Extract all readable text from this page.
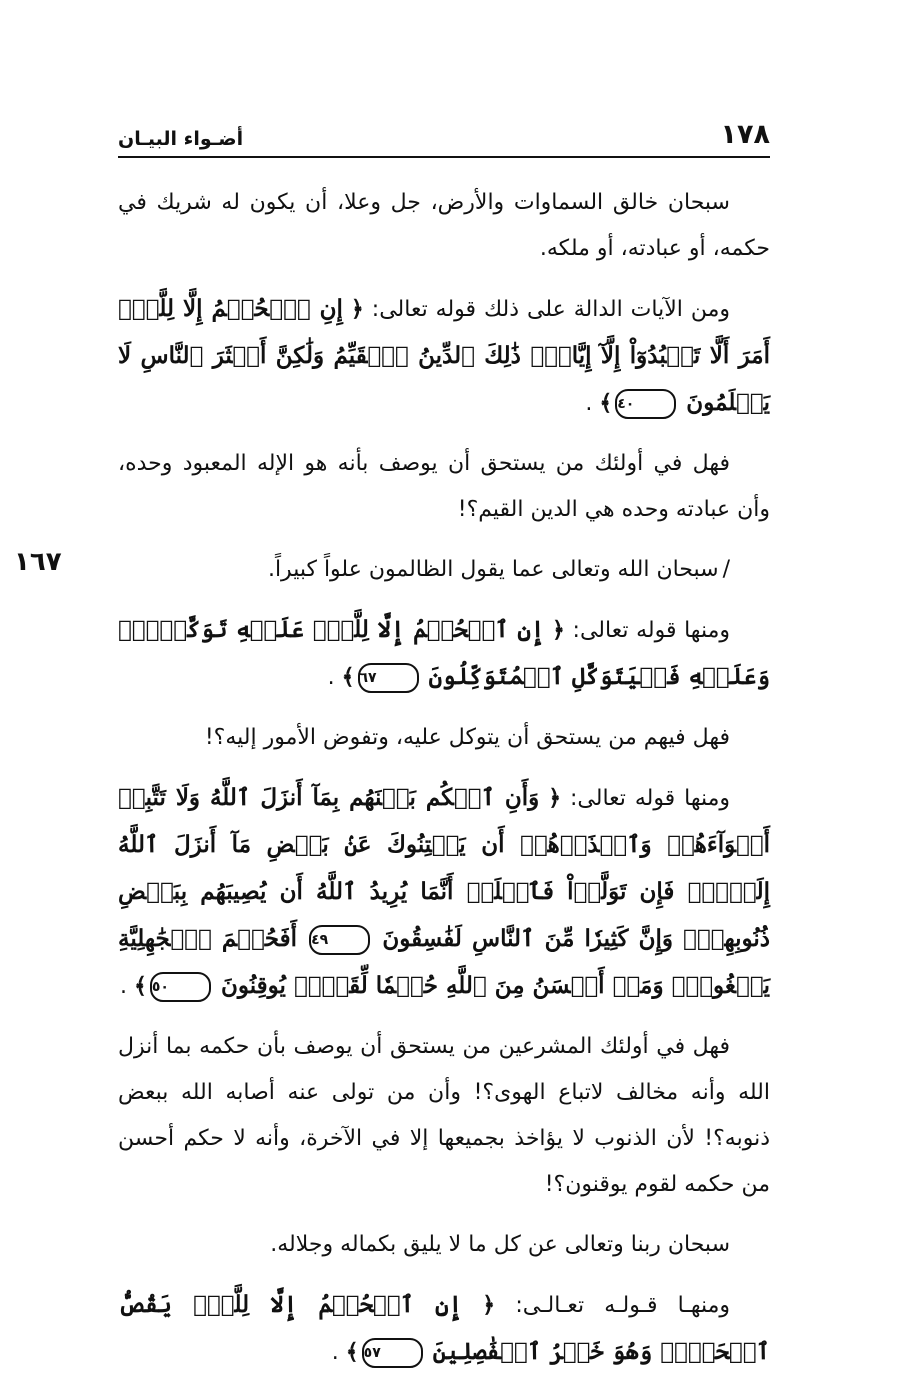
١٧٨
أضـواء البيـان

سبحان خالق السماوات والأرض، جل وعلا، أن يكون له شريك في حكمه، أو عبادته، أو ملكه.

ومن الآيات الدالة على ذلك قوله تعالى: ﴿ إِنِ ٱلۡحُكۡمُ إِلَّا لِلَّهِۚ أَمَرَ أَلَّا تَعۡبُدُوٓاْ إِلَّآ إِيَّاهُۚ ذَٰلِكَ ٱلدِّينُ ٱلۡقَيِّمُ وَلَٰكِنَّ أَكۡثَرَ ٱلنَّاسِ لَا يَعۡلَمُونَ ٤٠﴾ .

فهل في أولئك من يستحق أن يوصف بأنه هو الإله المعبود وحده، وأن عبادته وحده هي الدين القيم؟!

١٦٧	/سبحان الله وتعالى عما يقول الظالمون علواً كبيراً.

ومنها قوله تعالى: ﴿ إِنِ ٱلۡحُكۡمُ إِلَّا لِلَّهِۖ عَلَيۡهِ تَوَكَّلۡتُۖ وَعَلَيۡهِ فَلۡيَتَوَكَّلِ ٱلۡمُتَوَكِّلُونَ ٦٧﴾ .

فهل فيهم من يستحق أن يتوكل عليه، وتفوض الأمور إليه؟!

ومنها قوله تعالى: ﴿ وَأَنِ ٱحۡكُم بَيۡنَهُم بِمَآ أَنزَلَ ٱللَّهُ وَلَا تَتَّبِعۡ أَهۡوَآءَهُمۡ وَٱحۡذَرۡهُمۡ أَن يَفۡتِنُوكَ عَنۢ بَعۡضِ مَآ أَنزَلَ ٱللَّهُ إِلَيۡكَۖ فَإِن تَوَلَّوۡاْ فَٱعۡلَمۡ أَنَّمَا يُرِيدُ ٱللَّهُ أَن يُصِيبَهُم بِبَعۡضِ ذُنُوبِهِمۡۗ وَإِنَّ كَثِيرٗا مِّنَ ٱلنَّاسِ لَفَٰسِقُونَ ٤٩ أَفَحُكۡمَ ٱلۡجَٰهِلِيَّةِ يَبۡغُونَۚ وَمَنۡ أَحۡسَنُ مِنَ ٱللَّهِ حُكۡمٗا لِّقَوۡمٖ يُوقِنُونَ ٥٠﴾ .

فهل في أولئك المشرعين من يستحق أن يوصف بأن حكمه بما أنزل الله وأنه مخالف لاتباع الهوى؟! وأن من تولى عنه أصابه الله ببعض ذنوبه؟! لأن الذنوب لا يؤاخذ بجميعها إلا في الآخرة، وأنه لا حكم أحسن من حكمه لقوم يوقنون؟!

سبحان ربنا وتعالى عن كل ما لا يليق بكماله وجلاله.

ومنهـا قـولـه تعـالـى: ﴿ إِنِ ٱلۡحُكۡمُ إِلَّا لِلَّهِۖ يَقُصُّ ٱلۡحَقَّۖ وَهُوَ خَيۡرُ ٱلۡفَٰصِلِينَ ٥٧﴾ .
